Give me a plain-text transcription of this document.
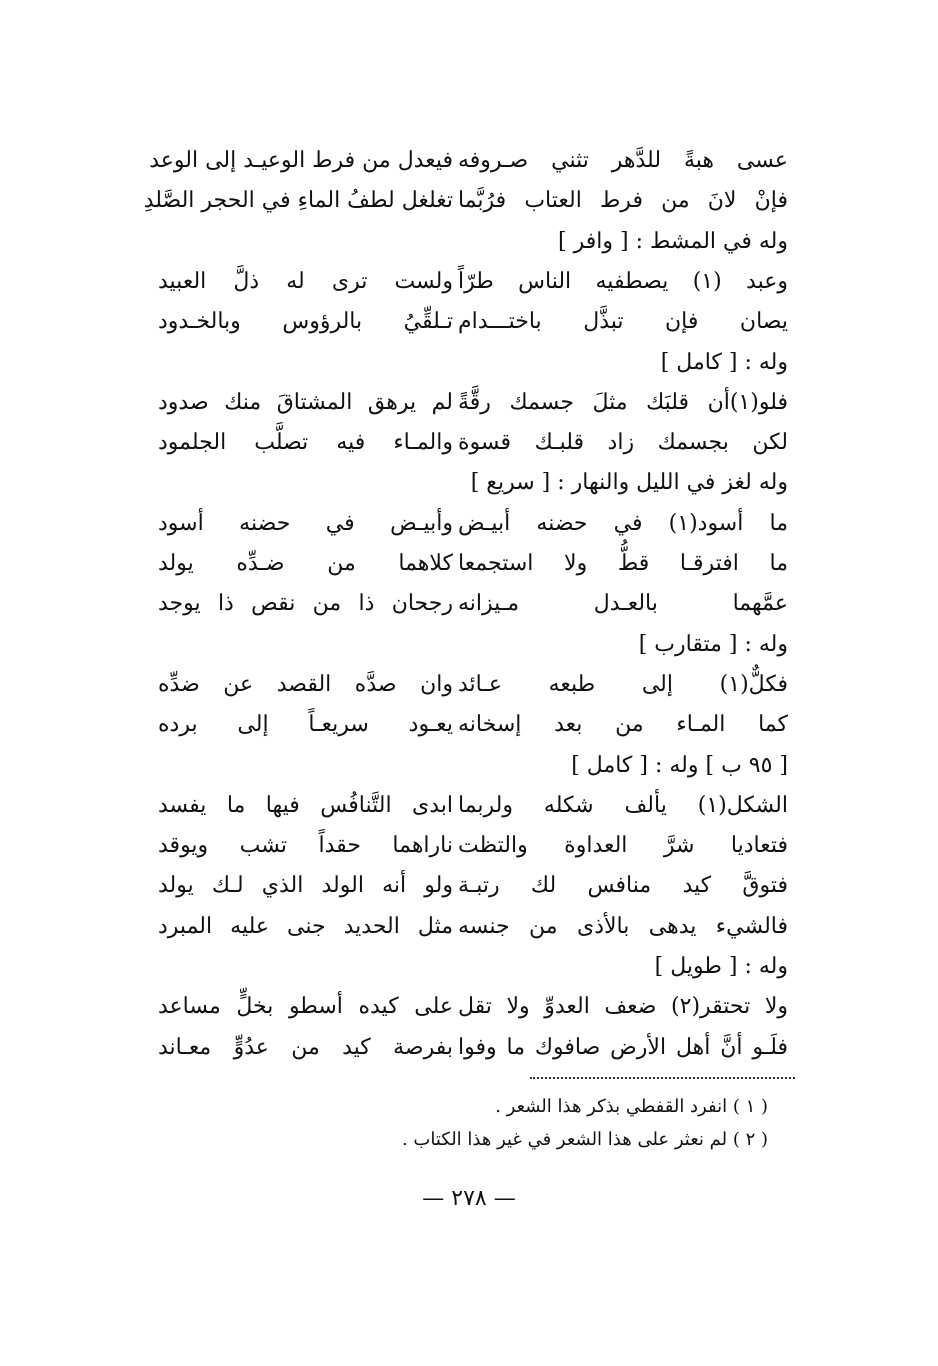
عسى هبةً للدَّهر تثني صـروفه
فيعدل من فرط الوعيـد إلى الوعد
فإنْ لانَ من فرط العتاب فرُبَّما
تغلغل لطفُ الماءِ في الحجر الصَّلدِ
وله في المشط : [ وافر ]
وعبد (١) يصطفيه الناس طرّاً
ولست ترى له ذلَّ العبيد
يصان فإن تبذَّل باختـــدام
تـلقِّيُ بالرؤوس وبالخـدود
وله : [ كامل ]
فلو(١)أن قلبَك مثلَ جسمك رقَّةً
لم يرهق المشتاقَ منك صدود
لكن بجسمك زاد قلبـك قسوة
والمـاء فيه تصلَّب الجلمود
وله لغز في الليل والنهار : [ سريع ]
ما أسود(١) في حضنه أبيـض
وأبيـض في حضنه أسود
ما افترقـا قطُّ ولا استجمعا
كلاهما من ضـدِّه يولد
عمَّهما بالعـدل مـيزانه
رجحان ذا من نقص ذا يوجد
وله : [ متقارب ]
فكلٌّ(١) إلى طبعه عـائد
وان صدَّه القصد عن ضدِّه
كما المـاء من بعد إسخانه
يعـود سريعـاً إلى برده
[ ٩٥ ب ] وله : [ كامل ]
الشكل(١) يألف شكله ولربما
ابدى التَّنافُس فيها ما يفسد
فتعاديا شرَّ العداوة والتظت
ناراهما حقداً تشب ويوقد
فتوقَّ كيد منافس لك رتبـة
ولو أنه الولد الذي لـك يولد
فالشيء يدهى بالأذى من جنسه
مثل الحديد جنى عليه المبرد
وله : [ طويل ]
ولا تحتقر(٢) ضعف العدوِّ ولا تقل
على كيده أسطو بخلٍّ مساعد
فلَـو أنَّ أهل الأرض صافوك ما وفوا
بفرصة كيد من عدُوٍّ معـاند
( ١ ) انفرد القفطي بذكر هذا الشعر .
( ٢ ) لم نعثر على هذا الشعر في غير هذا الكتاب .
— ٢٧٨ —
